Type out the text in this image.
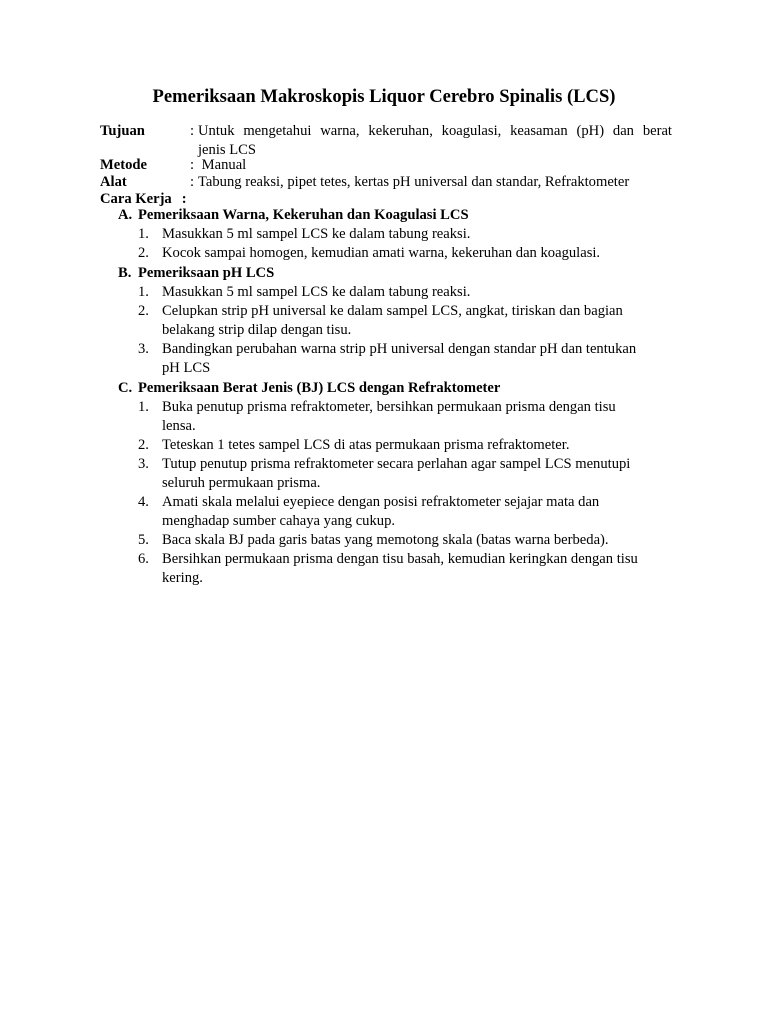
Pemeriksaan Makroskopis Liquor Cerebro Spinalis (LCS)
Tujuan	: Untuk mengetahui warna, kekeruhan, koagulasi, keasaman (pH) dan berat
jenis LCS
Metode	: Manual
Alat	: Tabung reaksi, pipet tetes, kertas pH universal dan standar, Refraktometer
Cara Kerja :
A. Pemeriksaan Warna, Kekeruhan dan Koagulasi LCS
1. Masukkan 5 ml sampel LCS ke dalam tabung reaksi.
2. Kocok sampai homogen, kemudian amati warna, kekeruhan dan koagulasi.
B. Pemeriksaan pH LCS
1. Masukkan 5 ml sampel LCS ke dalam tabung reaksi.
2. Celupkan strip pH universal ke dalam sampel LCS, angkat, tiriskan dan bagian
belakang strip dilap dengan tisu.
3. Bandingkan perubahan warna strip pH universal dengan standar pH dan tentukan
pH LCS
C. Pemeriksaan Berat Jenis (BJ) LCS dengan Refraktometer
1. Buka penutup prisma refraktometer, bersihkan permukaan prisma dengan tisu
lensa.
2. Teteskan 1 tetes sampel LCS di atas permukaan prisma refraktometer.
3. Tutup penutup prisma refraktometer secara perlahan agar sampel LCS menutupi
seluruh permukaan prisma.
4. Amati skala melalui eyepiece dengan posisi refraktometer sejajar mata dan
menghadap sumber cahaya yang cukup.
5. Baca skala BJ pada garis batas yang memotong skala (batas warna berbeda).
6. Bersihkan permukaan prisma dengan tisu basah, kemudian keringkan dengan tisu
kering.
